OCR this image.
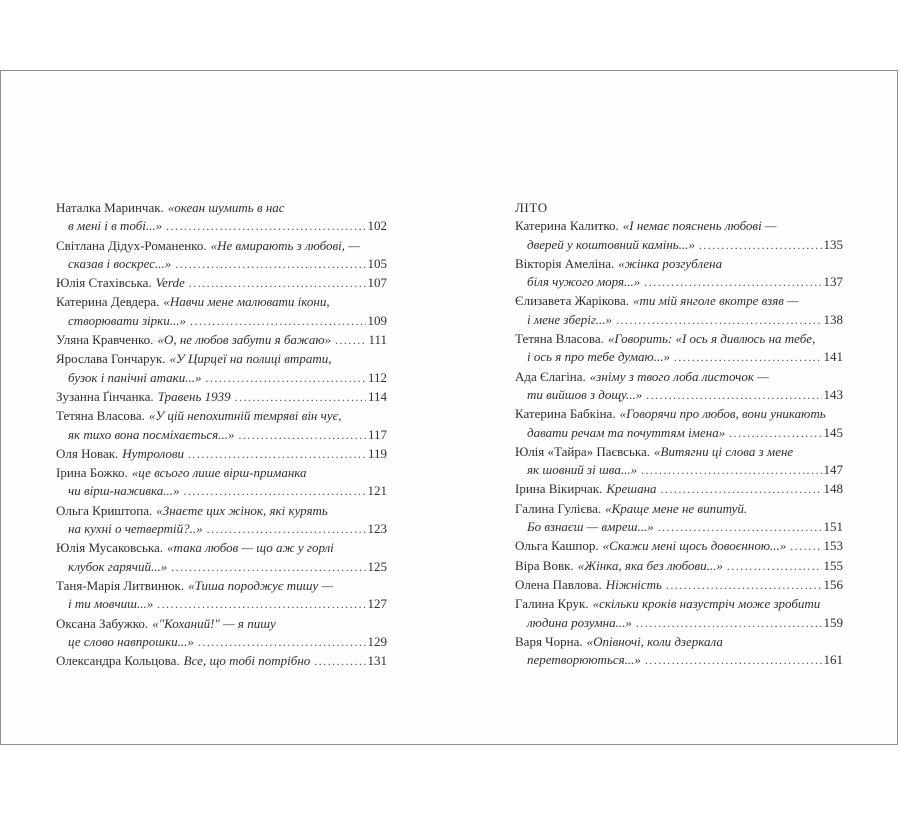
Наталка Маринчак. «океан шумить в нас
в мені і в тобі...» .....	102
Світлана Дідух-Романенко. «Не вмирають з любові, —
сказав і воскрес...» .....	105
Юлія Стахівська. Verde .....	107
Катерина Девдера. «Навчи мене малювати ікони,
створювати зірки...» .....	109
Уляна Кравченко. «О, не любов забути я бажаю» .....	111
Ярослава Гончарук. «У Цирцеї на полиці втрати,
бузок і панічні атаки...» .....	112
Зузанна Ґінчанка. Травень 1939 .....	114
Тетяна Власова. «У цій непохитній темряві він чує,
як тихо вона посміхається...» .....	117
Оля Новак. Нутролови .....	119
Ірина Божко. «це всього лише вірш-приманка
чи вірш-наживка...» .....	121
Ольга Криштопа. «Знаєте цих жінок, які курять
на кухні о четвертій?..» .....	123
Юлія Мусаковська. «така любов — що аж у горлі
клубок гарячий...» .....	125
Таня-Марія Литвинюк. «Тиша породжує тишу —
і ти мовчиш...» .....	127
Оксана Забужко. «"Коханий!" — я пишу
це слово навпрошки...» .....	129
Олександра Кольцова. Все, що тобі потрібно .....	131
ЛІТО
Катерина Калитко. «І немає пояснень любові —
дверей у коштовний камінь...» .....	135
Вікторія Амеліна. «жінка розгублена
біля чужого моря...» .....	137
Єлизавета Жарікова. «ти мій янголе вкотре взяв —
і мене зберіг...» .....	138
Тетяна Власова. «Говорить: «І ось я дивлюсь на тебе,
і ось я про тебе думаю...» .....	141
Ада Єлагіна. «зніму з твого лоба листочок —
ти вийшов з дощу...» .....	143
Катерина Бабкіна. «Говорячи про любов, вони уникають
давати речам та почуттям імена» .....	145
Юлія «Тайра» Паєвська. «Витягни ці слова з мене
як шовний зі шва...» .....	147
Ірина Вікирчак. Крешана .....	148
Галина Гулієва. «Краще мене не випитуй.
Бо взнаєш — вмреш...» .....	151
Ольга Кашпор. «Скажи мені щось довоєнною...» .....	153
Віра Вовк. «Жінка, яка без любови...» .....	155
Олена Павлова. Ніжність .....	156
Галина Крук. «скільки кроків назустріч може зробити
людина розумна...» .....	159
Варя Чорна. «Опівночі, коли дзеркала
перетворюються...» .....	161
